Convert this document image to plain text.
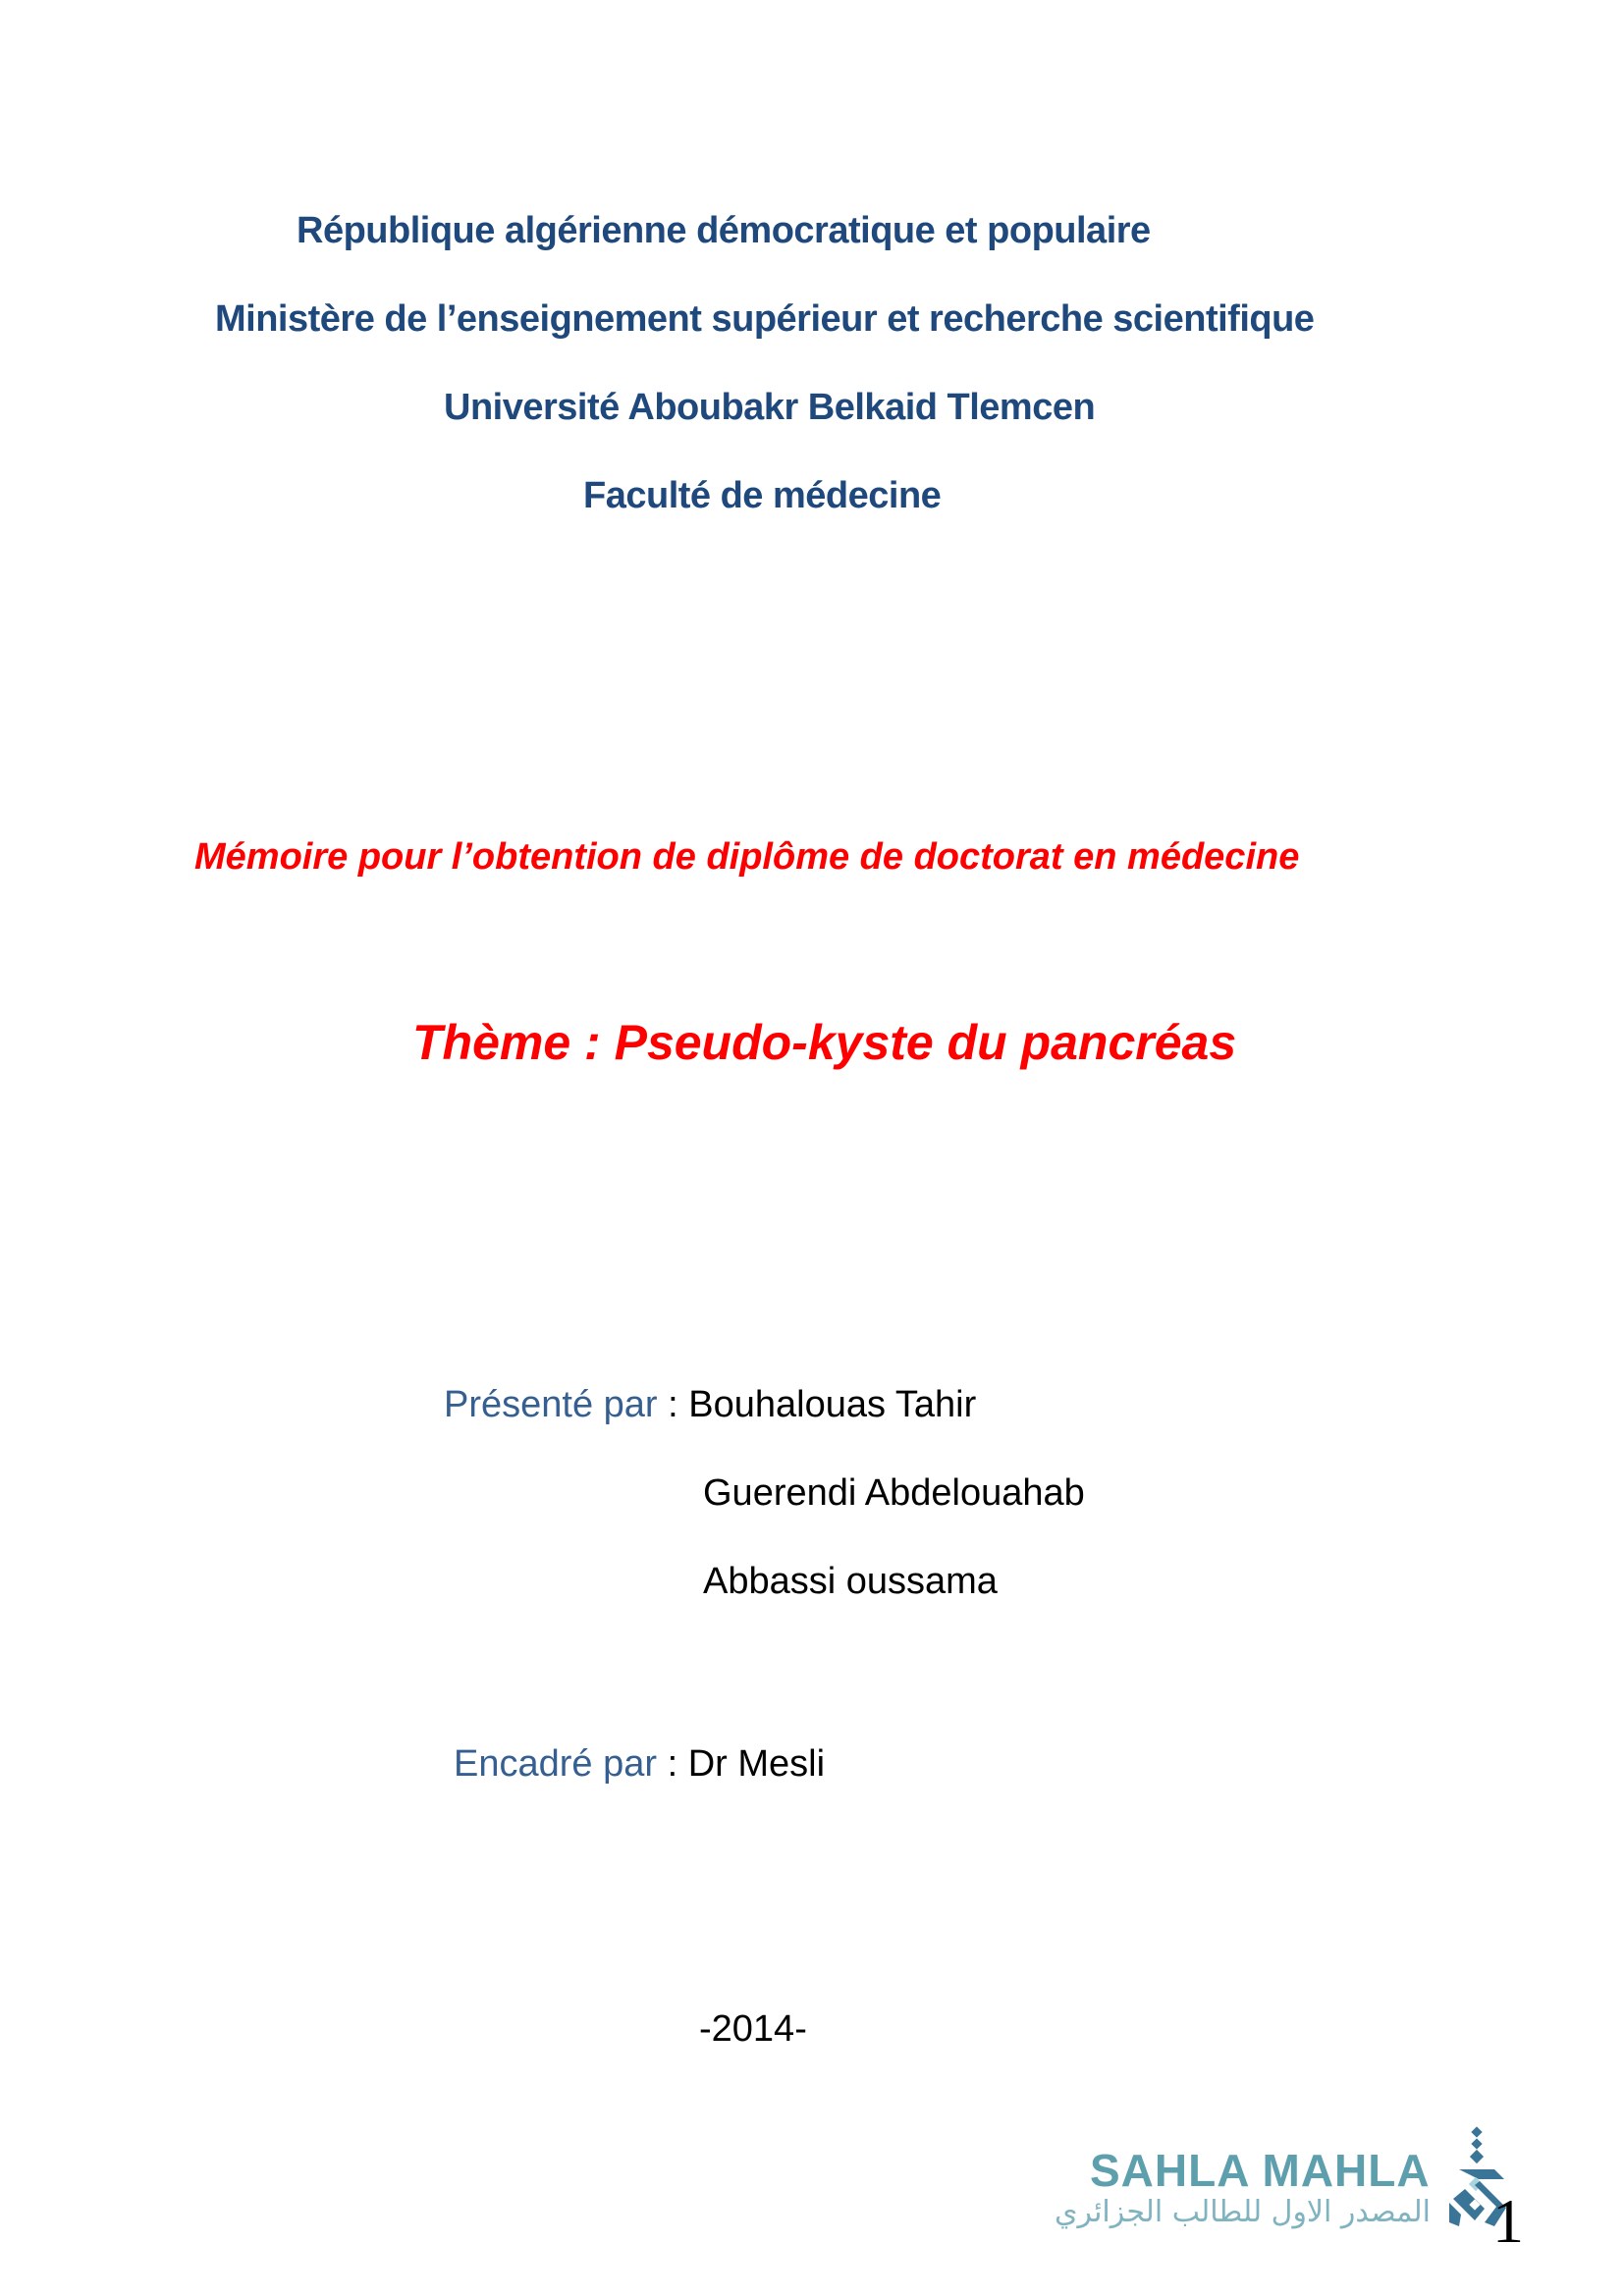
République algérienne démocratique et populaire
Ministère de l’enseignement supérieur et recherche scientifique
Université Aboubakr Belkaid Tlemcen
Faculté de médecine
Mémoire pour l’obtention de diplôme de doctorat en médecine
Thème : Pseudo-kyste du pancréas
Présenté par : Bouhalouas Tahir
Guerendi Abdelouahab
Abbassi oussama
Encadré par : Dr Mesli
-2014-
SAHLA MAHLA
المصدر الاول للطالب الجزائري 1
